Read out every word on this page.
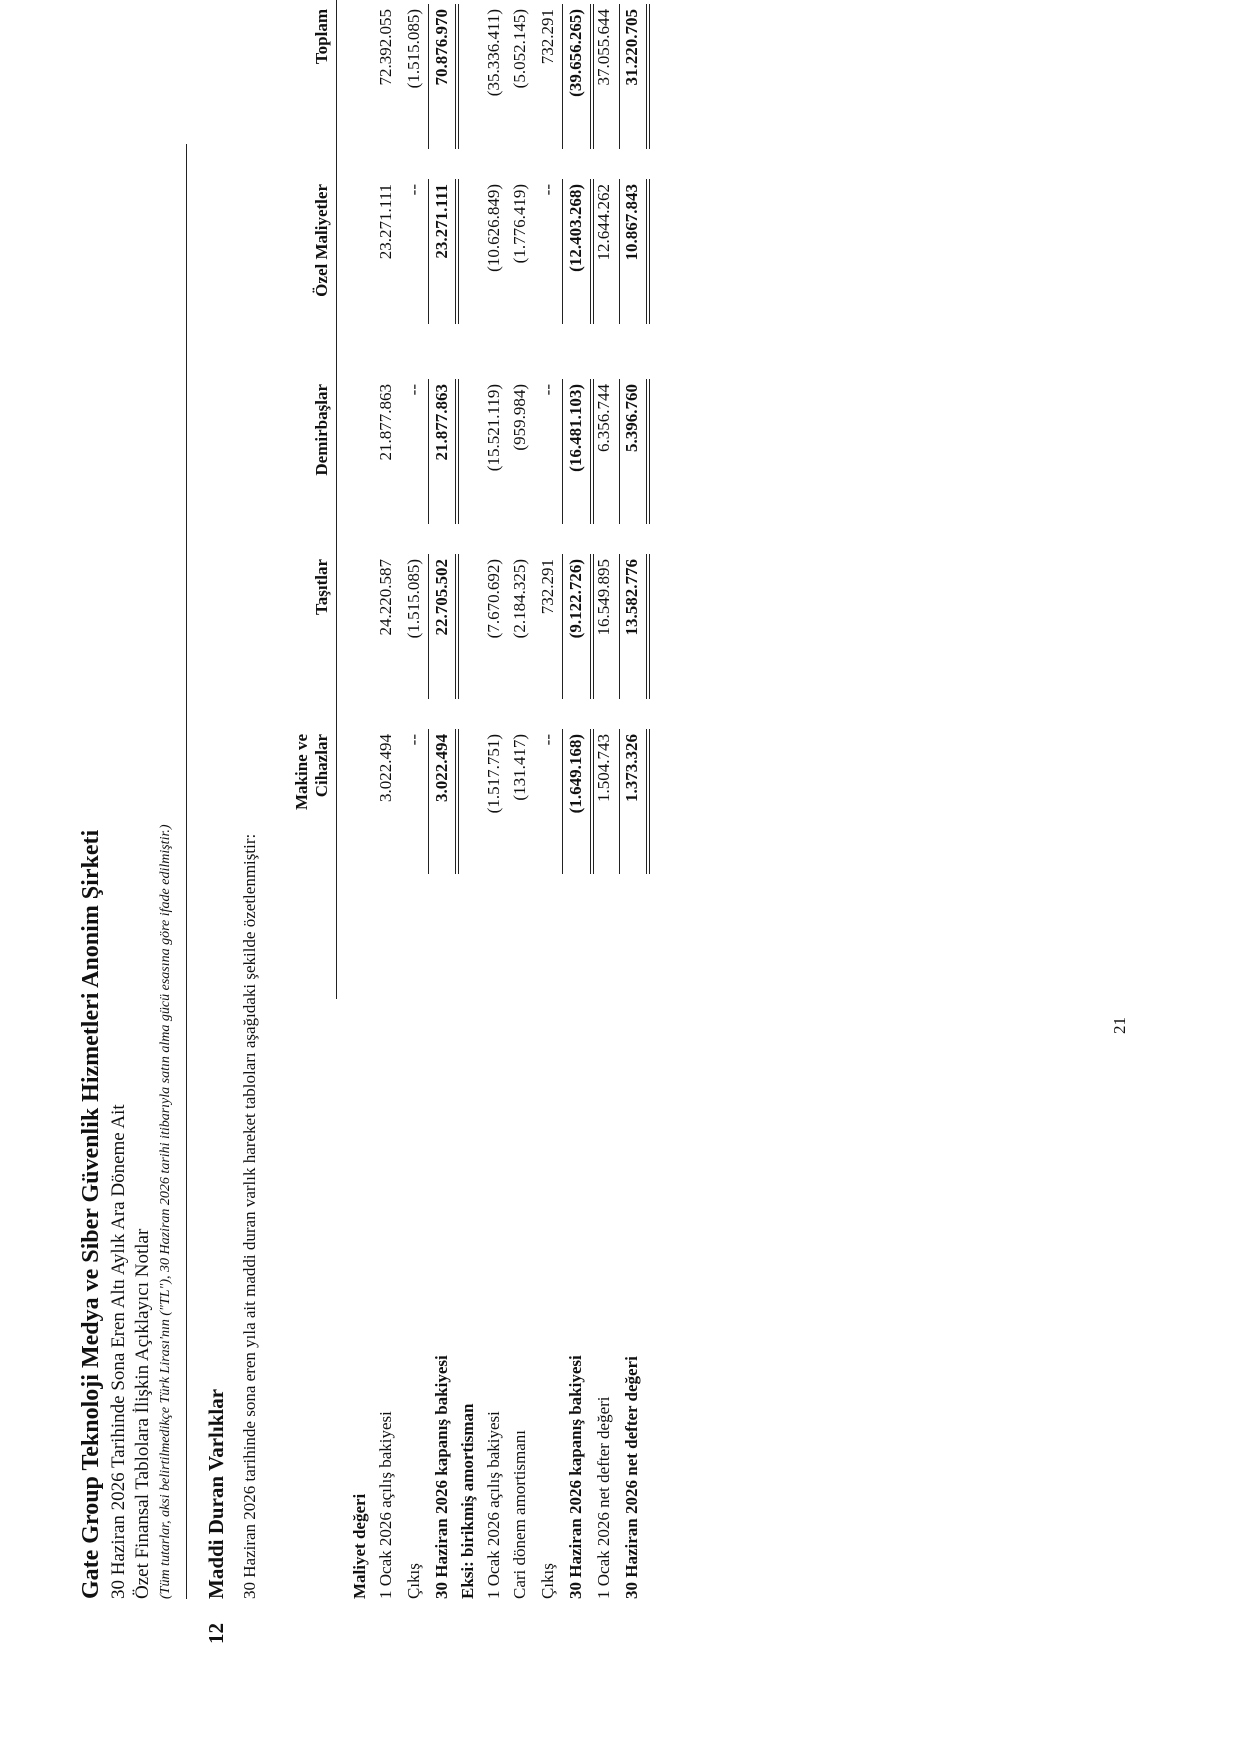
Gate Group Teknoloji Medya ve Siber Güvenlik Hizmetleri Anonim Şirketi 30 Haziran 2026 Tarihinde Sona Eren Altı Aylık Ara Döneme Ait Özet Finansal Tablolara İlişkin Açıklayıcı Notlar (Tüm tutarlar, aksi belirtilmedikçe Türk Lirası'nın ("TL"), 30 Haziran 2026 tarihi itibarıyla satın alma gücü esasına göre ifade edilmiştir.)
12
Maddi Duran Varlıklar 30 Haziran 2026 tarihinde sona eren yıla ait maddi duran varlık hareket tabloları aşağıdaki şekilde özetlenmiştir:
Makine ve Cihazlar
Taşıtlar
Demirbaşlar
Özel Maliyetler
Toplam
Maliyet değeri 1 Ocak 2026 açılış bakiyesi
3.022.494
24.220.587
21.877.863
23.271.111
72.392.055
Çıkış
--
(1.515.085)
--
--
(1.515.085)
30 Haziran 2026 kapanış bakiyesi
3.022.494
22.705.502
21.877.863
23.271.111
70.876.970
Eksi: birikmiş amortisman 1 Ocak 2026 açılış bakiyesi
(1.517.751)
(7.670.692)
(15.521.119)
(10.626.849)
(35.336.411)
Cari dönem amortismanı
(131.417)
(2.184.325)
(959.984)
(1.776.419)
(5.052.145)
Çıkış
--
732.291
--
--
732.291
30 Haziran 2026 kapanış bakiyesi
(1.649.168)
(9.122.726)
(16.481.103)
(12.403.268)
(39.656.265)
1 Ocak 2026 net defter değeri
1.504.743
16.549.895
6.356.744
12.644.262
37.055.644
30 Haziran 2026 net defter değeri
1.373.326
13.582.776
5.396.760
10.867.843
31.220.705
21
